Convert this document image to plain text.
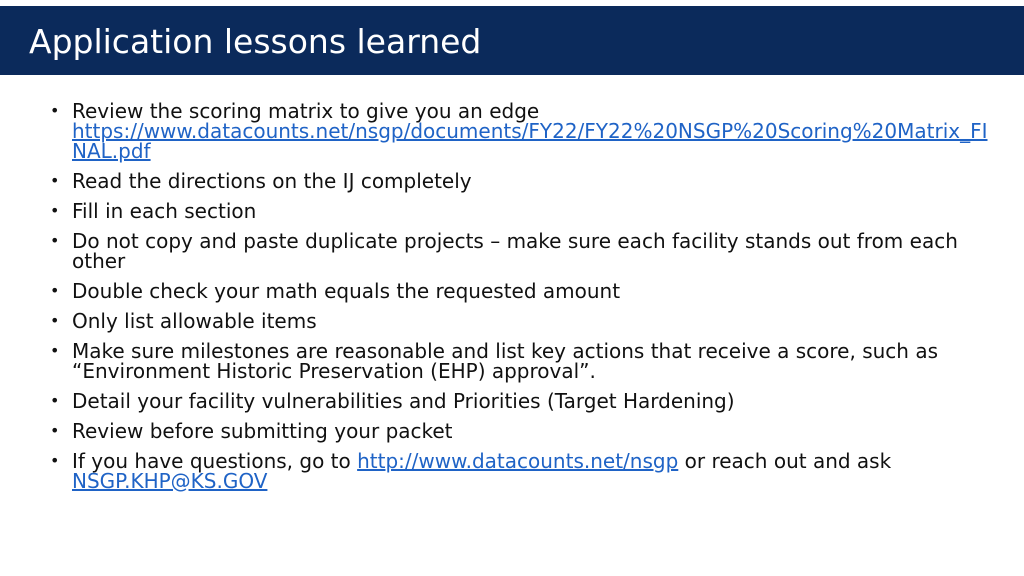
Application lessons learned
• Review the scoring matrix to give you an edge
https://www.datacounts.net/nsgp/documents/FY22/FY22%20NSGP%20Scoring%20Matrix_FINAL.pdf
• Read the directions on the IJ completely
• Fill in each section
• Do not copy and paste duplicate projects – make sure each facility stands out from each other
• Double check your math equals the requested amount
• Only list allowable items
• Make sure milestones are reasonable and list key actions that receive a score, such as “Environment Historic Preservation (EHP) approval”.
• Detail your facility vulnerabilities and Priorities (Target Hardening)
• Review before submitting your packet
• If you have questions, go to http://www.datacounts.net/nsgp or reach out and ask NSGP.KHP@KS.GOV
